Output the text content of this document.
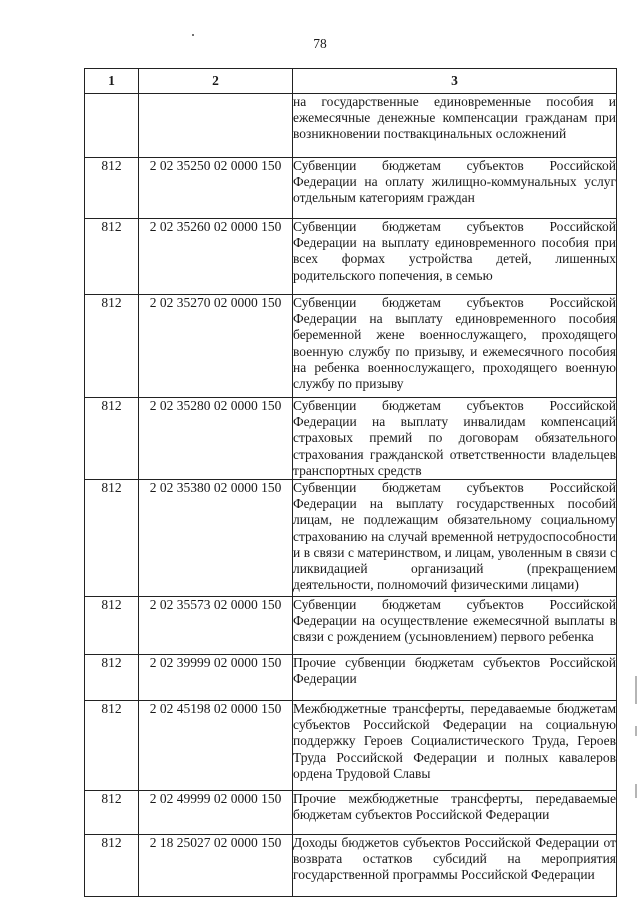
78
1	2	3
		на государственные единовременные пособия и ежемесячные денежные компенсации гражданам при возникновении поствакцинальных осложнений
812	2 02 35250 02 0000 150	Субвенции бюджетам субъектов Российской Федерации на оплату жилищно-коммунальных услуг отдельным категориям граждан
812	2 02 35260 02 0000 150	Субвенции бюджетам субъектов Российской Федерации на выплату единовременного пособия при всех формах устройства детей, лишенных родительского попечения, в семью
812	2 02 35270 02 0000 150	Субвенции бюджетам субъектов Российской Федерации на выплату единовременного пособия беременной жене военнослужащего, проходящего военную службу по призыву, и ежемесячного пособия на ребенка военнослужащего, проходящего военную службу по призыву
812	2 02 35280 02 0000 150	Субвенции бюджетам субъектов Российской Федерации на выплату инвалидам компенсаций страховых премий по договорам обязательного страхования гражданской ответственности владельцев транспортных средств
812	2 02 35380 02 0000 150	Субвенции бюджетам субъектов Российской Федерации на выплату государственных пособий лицам, не подлежащим обязательному социальному страхованию на случай временной нетрудоспособности и в связи с материнством, и лицам, уволенным в связи с ликвидацией организаций (прекращением деятельности, полномочий физическими лицами)
812	2 02 35573 02 0000 150	Субвенции бюджетам субъектов Российской Федерации на осуществление ежемесячной выплаты в связи с рождением (усыновлением) первого ребенка
812	2 02 39999 02 0000 150	Прочие субвенции бюджетам субъектов Российской Федерации
812	2 02 45198 02 0000 150	Межбюджетные трансферты, передаваемые бюджетам субъектов Российской Федерации на социальную поддержку Героев Социалистического Труда, Героев Труда Российской Федерации и полных кавалеров ордена Трудовой Славы
812	2 02 49999 02 0000 150	Прочие межбюджетные трансферты, передаваемые бюджетам субъектов Российской Федерации
812	2 18 25027 02 0000 150	Доходы бюджетов субъектов Российской Федерации от возврата остатков субсидий на мероприятия государственной программы Российской Федерации
